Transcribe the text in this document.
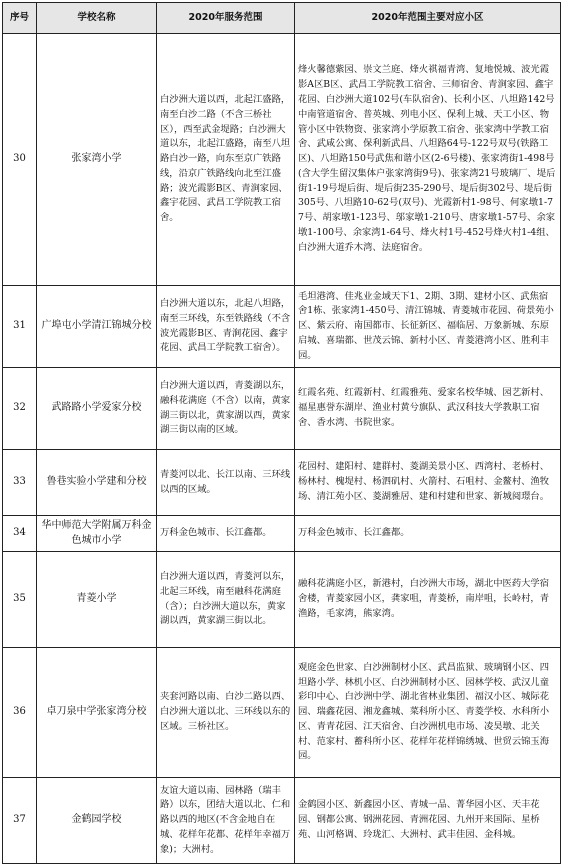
序号	学校名称	2020年服务范围	2020年范围主要对应小区
30	张家湾小学	白沙洲大道以西，北起江盛路，南至白沙二路（不含三桥社区），西至武金堤路；白沙洲大道以东，北起江盛路，南至八坦路白沙一路，向东至京广铁路线，沿京广铁路线向北至江盛路；波光霞影B区、青涧家园、鑫宇花园、武昌工学院教工宿舍。	烽火馨德紫园、崇文兰庭、烽火祺福青湾、复地悦城、波光霞影A区B区、武昌工学院教工宿舍、三师宿舍、青涧家园、鑫宇花园、白沙洲大道102号(车队宿舍)、长利小区、八坦路142号中南管道宿舍、普英城、列电小区、保利上城、天工小区、物管小区中铁物资、张家湾小学原教工宿舍、张家湾中学教工宿舍、武咸公寓、保利新武昌、八坦路64号-122号双号(铁路工区)、八坦路150号武焦和谐小区(2-6号楼)、张家湾街1-498号(含大学生留汉集体户张家湾街9号)、张家湾21号玻璃厂、堤后街1-19号堤后街、堤后街235-290号、堤后街302号、堤后街305号、八坦路10-62号(双号)、光霞新村1-98号、何家墩1-77号、胡家墩1-123号、邬家墩1-210号、唐家墩1-57号、余家墩1-100号、余家湾1-64号、烽火村1号-452号烽火村1-4组、白沙洲大道乔木湾、法庭宿舍。
31	广埠屯小学清江锦城分校	白沙洲大道以东，北起八坦路，南至三环线，东至铁路线（不含波光霞影B区、青涧花园、鑫宇花园、武昌工学院教工宿舍）。	毛坦港湾、佳兆业金域天下1、2期、3期、建材小区、武焦宿舍1栋、张家湾1-450号、清江锦城、青菱城市花园、荷景苑小区、紫云府、南国都市、长征新区、福临居、万象新城、东原启城、喜瑞都、世茂云锦、新村小区、青菱港湾小区、胜利丰园。
32	武路路小学爱家分校	白沙洲大道以西，青菱湖以东，融科花满庭（不含）以南，黄家湖三街以北，黄家湖以西，黄家湖三街以南的区域。	红霞名苑、红霞新村、红霞雅苑、爱家名校华城、园艺新村、福星惠誉东湖岸、渔业村黄兮旗队、武汉科技大学教职工宿舍、香水湾、书院世家。
33	鲁巷实验小学建和分校	青菱河以北、长江以南、三环线以西的区域。	花园村、建阳村、建群村、菱湖美景小区、西湾村、老桥村、杨林村、槐堤村、杨泗矶村、火箭村、石咀村、金鳌村、渔牧场、清江苑小区、菱湖雅居、建和村建和世家、新城阅璟台。
34	华中师范大学附属万科金色城市小学	万科金色城市、长江鑫都。	万科金色城市、长江鑫都。
35	青菱小学	白沙洲大道以西，青菱河以东，北起三环线，南至融科花满庭（含）；白沙洲大道以东，黄家湖以西，黄家湖三街以北。	融科花满庭小区，新港村，白沙洲大市场，湖北中医药大学宿舍楼，青菱家园小区，龚家咀，青菱桥，南岸咀，长岭村，青渔路，毛家湾，熊家湾。
36	卓刀泉中学张家湾分校	夹套河路以南、白沙二路以西、白沙洲大道以北、三环线以东的区域。三桥社区。	观庭金色世家、白沙洲制材小区、武昌监狱、玻璃钢小区、四坦路小学、林机小区、白沙洲制材小区、园林学校、武汉儿童彩印中心、白沙洲中学、湖北省林业集团、福汉小区、城际花园、瑞鑫花园、湘龙鑫城、菜科所小区、青菱学校、水科所小区、青青花园、江天宿舍、白沙洲机电市场、凌昊墩、北关村、范家村、蓄科所小区、花样年花样锦绣城、世贸云锦玉海园。
37	金鹤园学校	友谊大道以南、园林路（瑞丰路）以东，团结大道以北、仁和路以西的地区(不含金地自在城、花样年花都、花样年幸福万象)；大洲村。	金鹤园小区、新鑫园小区、青城一品、菁华园小区、天丰花园、钢都公寓、钢洲花园、青洲花园、九州开来国际、星桥苑、山河格调、玲珑汇、大洲村、武丰佳园、金科城。
